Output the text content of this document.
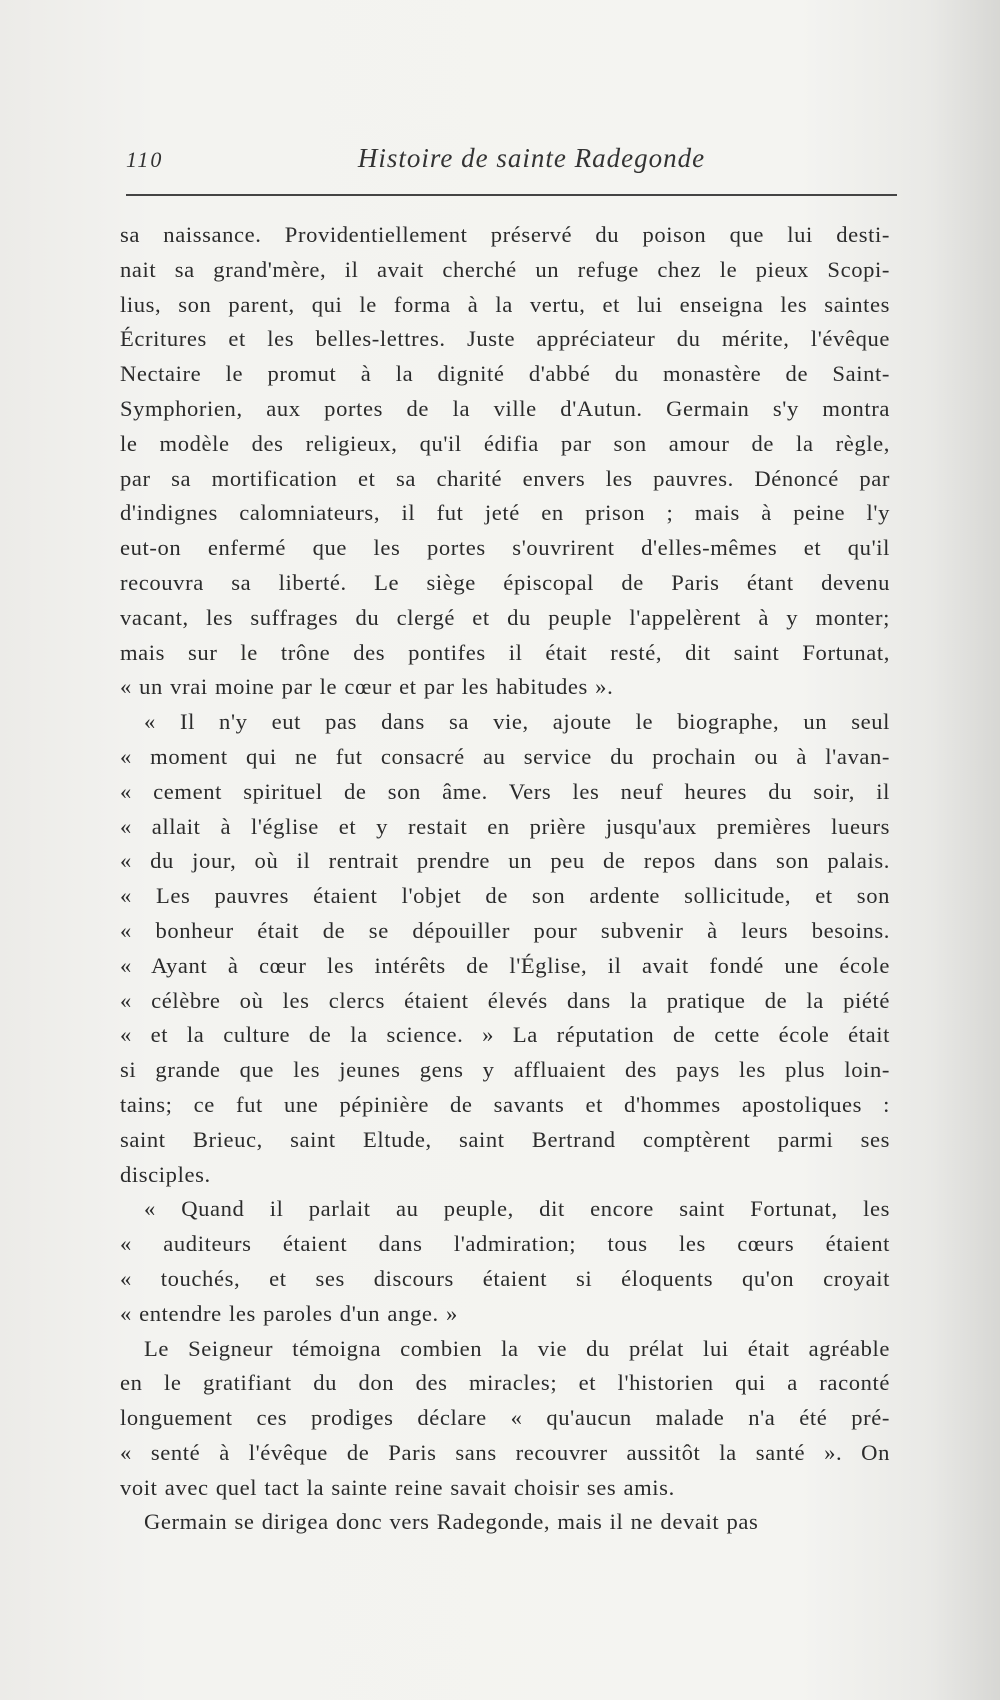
110	Histoire de sainte Radegonde

sa naissance. Providentiellement préservé du poison que lui desti-
nait sa grand'mère, il avait cherché un refuge chez le pieux Scopi-
lius, son parent, qui le forma à la vertu, et lui enseigna les saintes
Écritures et les belles-lettres. Juste appréciateur du mérite, l'évêque
Nectaire le promut à la dignité d'abbé du monastère de Saint-
Symphorien, aux portes de la ville d'Autun. Germain s'y montra
le modèle des religieux, qu'il édifia par son amour de la règle,
par sa mortification et sa charité envers les pauvres. Dénoncé par
d'indignes calomniateurs, il fut jeté en prison ; mais à peine l'y
eut-on enfermé que les portes s'ouvrirent d'elles-mêmes et qu'il
recouvra sa liberté. Le siège épiscopal de Paris étant devenu
vacant, les suffrages du clergé et du peuple l'appelèrent à y monter;
mais sur le trône des pontifes il était resté, dit saint Fortunat,
« un vrai moine par le cœur et par les habitudes ».

« Il n'y eut pas dans sa vie, ajoute le biographe, un seul
« moment qui ne fut consacré au service du prochain ou à l'avan-
« cement spirituel de son âme. Vers les neuf heures du soir, il
« allait à l'église et y restait en prière jusqu'aux premières lueurs
« du jour, où il rentrait prendre un peu de repos dans son palais.
« Les pauvres étaient l'objet de son ardente sollicitude, et son
« bonheur était de se dépouiller pour subvenir à leurs besoins.
« Ayant à cœur les intérêts de l'Église, il avait fondé une école
« célèbre où les clercs étaient élevés dans la pratique de la piété
« et la culture de la science. » La réputation de cette école était
si grande que les jeunes gens y affluaient des pays les plus loin-
tains; ce fut une pépinière de savants et d'hommes apostoliques :
saint Brieuc, saint Eltude, saint Bertrand comptèrent parmi ses
disciples.

« Quand il parlait au peuple, dit encore saint Fortunat, les
« auditeurs étaient dans l'admiration; tous les cœurs étaient
« touchés, et ses discours étaient si éloquents qu'on croyait
« entendre les paroles d'un ange. »

Le Seigneur témoigna combien la vie du prélat lui était agréable
en le gratifiant du don des miracles; et l'historien qui a raconté
longuement ces prodiges déclare « qu'aucun malade n'a été pré-
« senté à l'évêque de Paris sans recouvrer aussitôt la santé ». On
voit avec quel tact la sainte reine savait choisir ses amis.

Germain se dirigea donc vers Radegonde, mais il ne devait pas
